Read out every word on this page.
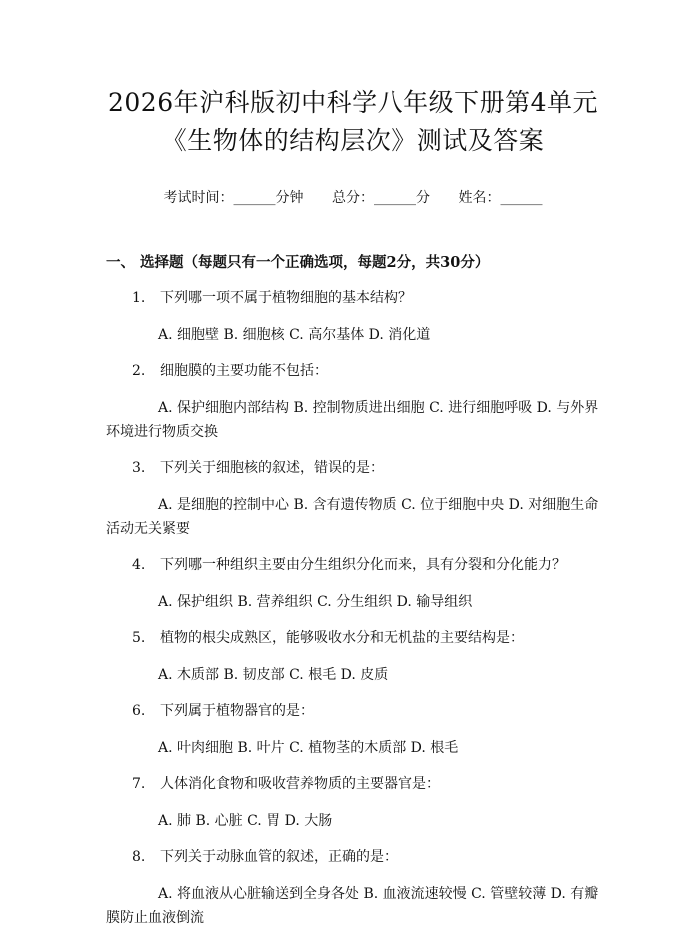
2026年沪科版初中科学八年级下册第4单元
《生物体的结构层次》测试及答案
考试时间：______分钟 总分：______分 姓名：______
一、 选择题（每题只有一个正确选项，每题2分，共30分）
1. 下列哪一项不属于植物细胞的基本结构？
A. 细胞壁 B. 细胞核 C. 高尔基体 D. 消化道
2. 细胞膜的主要功能不包括：
A. 保护细胞内部结构 B. 控制物质进出细胞 C. 进行细胞呼吸 D. 与外界环境进行物质交换
3. 下列关于细胞核的叙述，错误的是：
A. 是细胞的控制中心 B. 含有遗传物质 C. 位于细胞中央 D. 对细胞生命活动无关紧要
4. 下列哪一种组织主要由分生组织分化而来，具有分裂和分化能力？
A. 保护组织 B. 营养组织 C. 分生组织 D. 输导组织
5. 植物的根尖成熟区，能够吸收水分和无机盐的主要结构是：
A. 木质部 B. 韧皮部 C. 根毛 D. 皮质
6. 下列属于植物器官的是：
A. 叶肉细胞 B. 叶片 C. 植物茎的木质部 D. 根毛
7. 人体消化食物和吸收营养物质的主要器官是：
A. 肺 B. 心脏 C. 胃 D. 大肠
8. 下列关于动脉血管的叙述，正确的是：
A. 将血液从心脏输送到全身各处 B. 血液流速较慢 C. 管壁较薄 D. 有瓣膜防止血液倒流
